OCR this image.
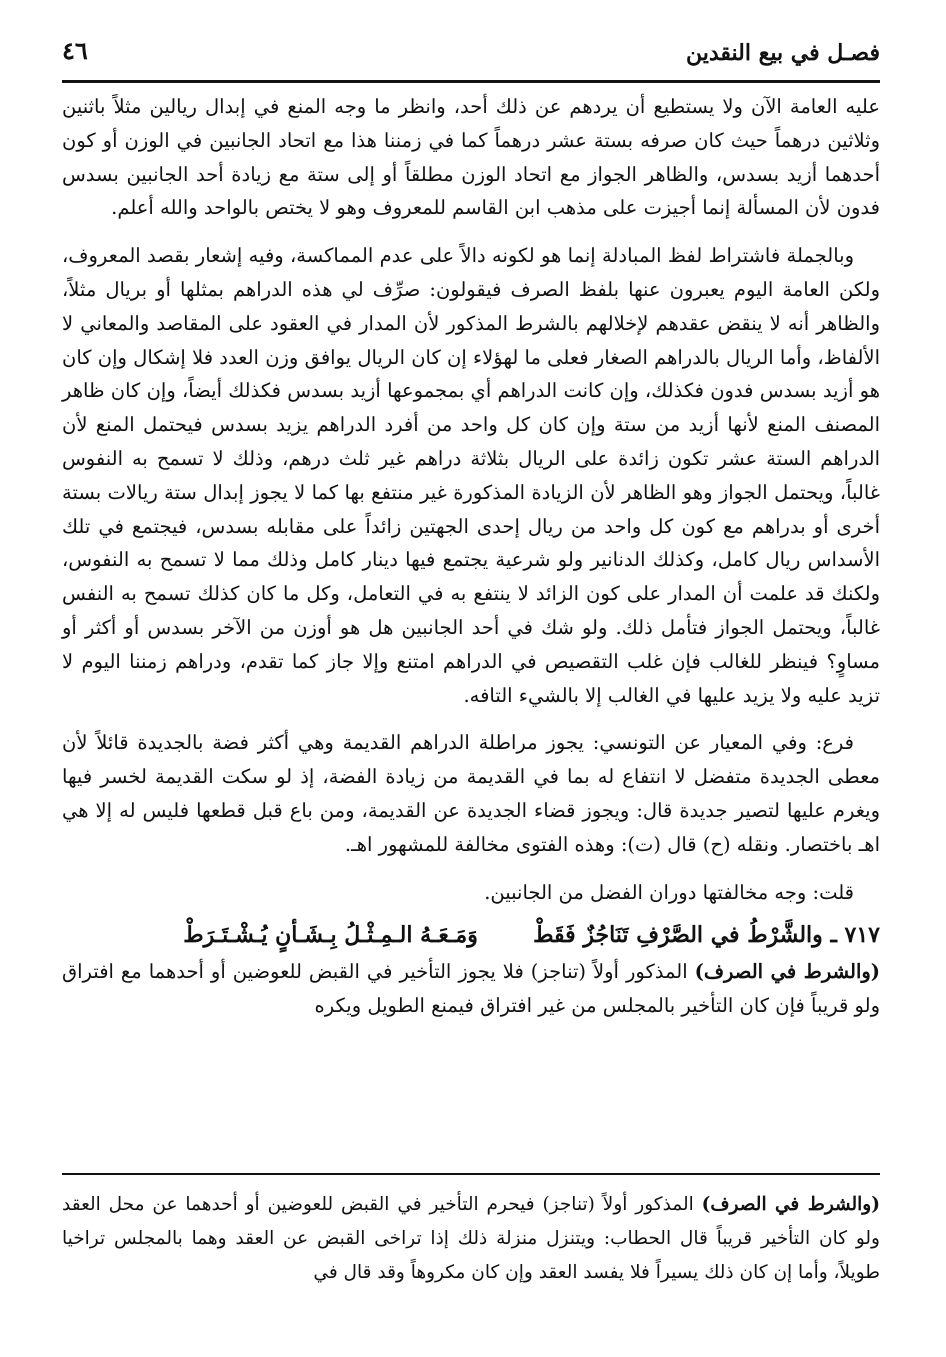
فصـل في بيع النقدين
٤٦

عليه العامة الآن ولا يستطيع أن يردهم عن ذلك أحد، وانظر ما وجه المنع في إبدال ريالين مثلاً باثنين وثلاثين درهماً حيث كان صرفه بستة عشر درهماً كما في زمننا هذا مع اتحاد الجانبين في الوزن أو كون أحدهما أزيد بسدس، والظاهر الجواز مع اتحاد الوزن مطلقاً أو إلى ستة مع زيادة أحد الجانبين بسدس فدون لأن المسألة إنما أجيزت على مذهب ابن القاسم للمعروف وهو لا يختص بالواحد والله أعلم.

وبالجملة فاشتراط لفظ المبادلة إنما هو لكونه دالاً على عدم المماكسة، وفيه إشعار بقصد المعروف، ولكن العامة اليوم يعبرون عنها بلفظ الصرف فيقولون: صرِّف لي هذه الدراهم بمثلها أو بريال مثلاً، والظاهر أنه لا ينقض عقدهم لإخلالهم بالشرط المذكور لأن المدار في العقود على المقاصد والمعاني لا الألفاظ، وأما الريال بالدراهم الصغار فعلى ما لهؤلاء إن كان الريال يوافق وزن العدد فلا إشكال وإن كان هو أزيد بسدس فدون فكذلك، وإن كانت الدراهم أي بمجموعها أزيد بسدس فكذلك أيضاً، وإن كان ظاهر المصنف المنع لأنها أزيد من ستة وإن كان كل واحد من أفرد الدراهم يزيد بسدس فيحتمل المنع لأن الدراهم الستة عشر تكون زائدة على الريال بثلاثة دراهم غير ثلث درهم، وذلك لا تسمح به النفوس غالباً، ويحتمل الجواز وهو الظاهر لأن الزيادة المذكورة غير منتفع بها كما لا يجوز إبدال ستة ريالات بستة أخرى أو بدراهم مع كون كل واحد من ريال إحدى الجهتين زائداً على مقابله بسدس، فيجتمع في تلك الأسداس ريال كامل، وكذلك الدنانير ولو شرعية يجتمع فيها دينار كامل وذلك مما لا تسمح به النفوس، ولكنك قد علمت أن المدار على كون الزائد لا ينتفع به في التعامل، وكل ما كان كذلك تسمح به النفس غالباً، ويحتمل الجواز فتأمل ذلك. ولو شك في أحد الجانبين هل هو أوزن من الآخر بسدس أو أكثر أو مساوٍ؟ فينظر للغالب فإن غلب التقصيص في الدراهم امتنع وإلا جاز كما تقدم، ودراهم زمننا اليوم لا تزيد عليه ولا يزيد عليها في الغالب إلا بالشيء التافه.

فرع: وفي المعيار عن التونسي: يجوز مراطلة الدراهم القديمة وهي أكثر فضة بالجديدة قائلاً لأن معطى الجديدة متفضل لا انتفاع له بما في القديمة من زيادة الفضة، إذ لو سكت القديمة لخسر فيها ويغرم عليها لتصير جديدة قال: ويجوز قضاء الجديدة عن القديمة، ومن باع قبل قطعها فليس له إلا هي اهـ باختصار. ونقله (ح) قال (ت): وهذه الفتوى مخالفة للمشهور اهـ.

قلت: وجه مخالفتها دوران الفضل من الجانبين.

٧١٧ ـ والشَّرْطُ في الصَّرْفِ تَنَاجُزٌ فَقَطْ  وَمَـعَـهُ الـمِـثْـلُ بِـشَـأنٍ يُـشْـتَـرَطْ

(والشرط في الصرف) المذكور أولاً (تناجز) فلا يجوز التأخير في القبض للعوضين أو أحدهما مع افتراق ولو قريباً فإن كان التأخير بالمجلس من غير افتراق فيمنع الطويل ويكره

(والشرط في الصرف) المذكور أولاً (تناجز) فيحرم التأخير في القبض للعوضين أو أحدهما عن محل العقد ولو كان التأخير قريباً قال الحطاب: ويتنزل منزلة ذلك إذا تراخى القبض عن العقد وهما بالمجلس تراخيا طويلاً، وأما إن كان ذلك يسيراً فلا يفسد العقد وإن كان مكروهاً وقد قال في
